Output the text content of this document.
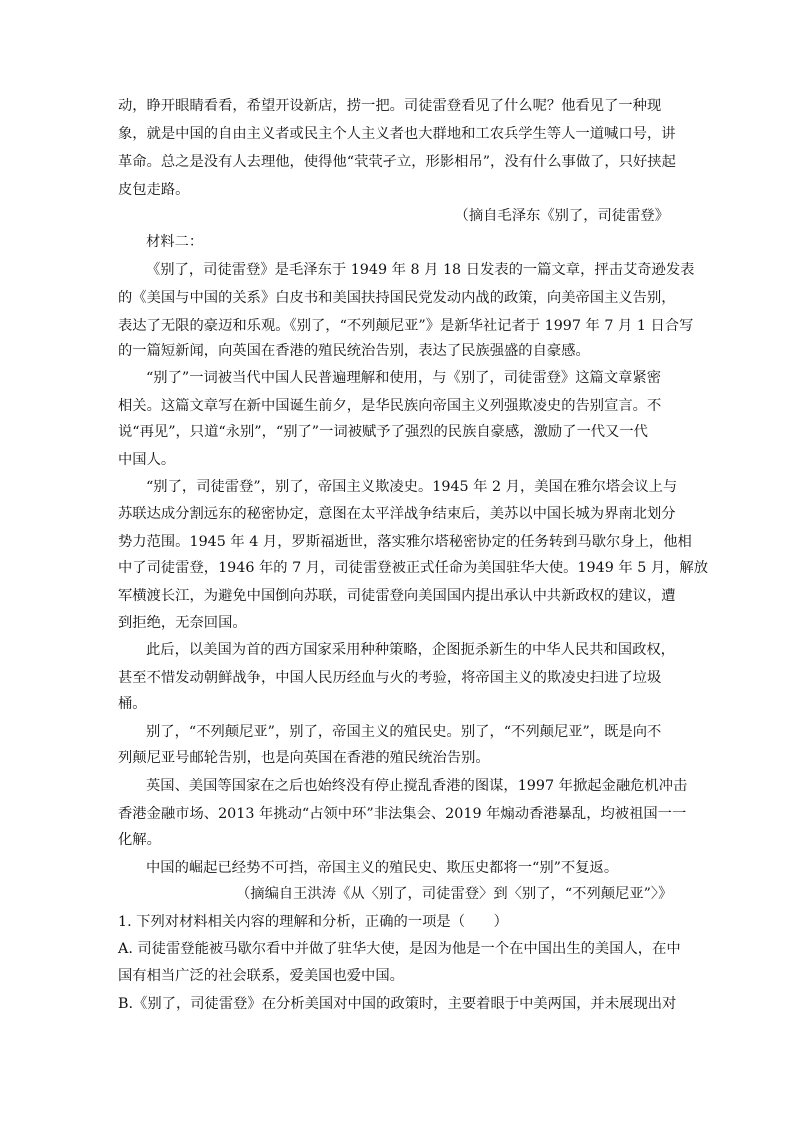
动，睁开眼睛看看，希望开设新店，捞一把。司徒雷登看见了什么呢？他看见了一种现
象，就是中国的自由主义者或民主个人主义者也大群地和工农兵学生等人一道喊口号，讲
革命。总之是没有人去理他，使得他“茕茕孑立，形影相吊”，没有什么事做了，只好挟起
皮包走路。
（摘自毛泽东《别了，司徒雷登》
材料二：
《别了，司徒雷登》是毛泽东于 1949 年 8 月 18 日发表的一篇文章，抨击艾奇逊发表
的《美国与中国的关系》白皮书和美国扶持国民党发动内战的政策，向美帝国主义告别，
表达了无限的豪迈和乐观。《别了，“不列颠尼亚”》是新华社记者于 1997 年 7 月 1 日合写
的一篇短新闻，向英国在香港的殖民统治告别，表达了民族强盛的自豪感。
“别了”一词被当代中国人民普遍理解和使用，与《别了，司徒雷登》这篇文章紧密
相关。这篇文章写在新中国诞生前夕，是华民族向帝国主义列强欺凌史的告别宣言。不
说“再见”，只道“永别”，“别了”一词被赋予了强烈的民族自豪感，激励了一代又一代
中国人。
“别了，司徒雷登”，别了，帝国主义欺凌史。1945 年 2 月，美国在雅尔塔会议上与
苏联达成分割远东的秘密协定，意图在太平洋战争结束后，美苏以中国长城为界南北划分
势力范围。1945 年 4 月，罗斯福逝世，落实雅尔塔秘密协定的任务转到马歇尔身上，他相
中了司徒雷登，1946 年的 7 月，司徒雷登被正式任命为美国驻华大使。1949 年 5 月，解放
军横渡长江，为避免中国倒向苏联，司徒雷登向美国国内提出承认中共新政权的建议，遭
到拒绝，无奈回国。
此后，以美国为首的西方国家采用种种策略，企图扼杀新生的中华人民共和国政权，
甚至不惜发动朝鲜战争，中国人民历经血与火的考验，将帝国主义的欺凌史扫进了垃圾
桶。
别了，“不列颠尼亚”，别了，帝国主义的殖民史。别了，“不列颠尼亚”，既是向不
列颠尼亚号邮轮告别，也是向英国在香港的殖民统治告别。
英国、美国等国家在之后也始终没有停止搅乱香港的图谋，1997 年掀起金融危机冲击
香港金融市场、2013 年挑动“占领中环”非法集会、2019 年煽动香港暴乱，均被祖国一一
化解。
中国的崛起已经势不可挡，帝国主义的殖民史、欺压史都将一“别”不复返。
（摘编自王洪涛《从〈别了，司徒雷登〉到〈别了，“不列颠尼亚”〉》
1. 下列对材料相关内容的理解和分析，正确的一项是（　　）
A. 司徒雷登能被马歇尔看中并做了驻华大使，是因为他是一个在中国出生的美国人，在中
国有相当广泛的社会联系，爱美国也爱中国。
B.《别了，司徒雷登》在分析美国对中国的政策时，主要着眼于中美两国，并未展现出对
